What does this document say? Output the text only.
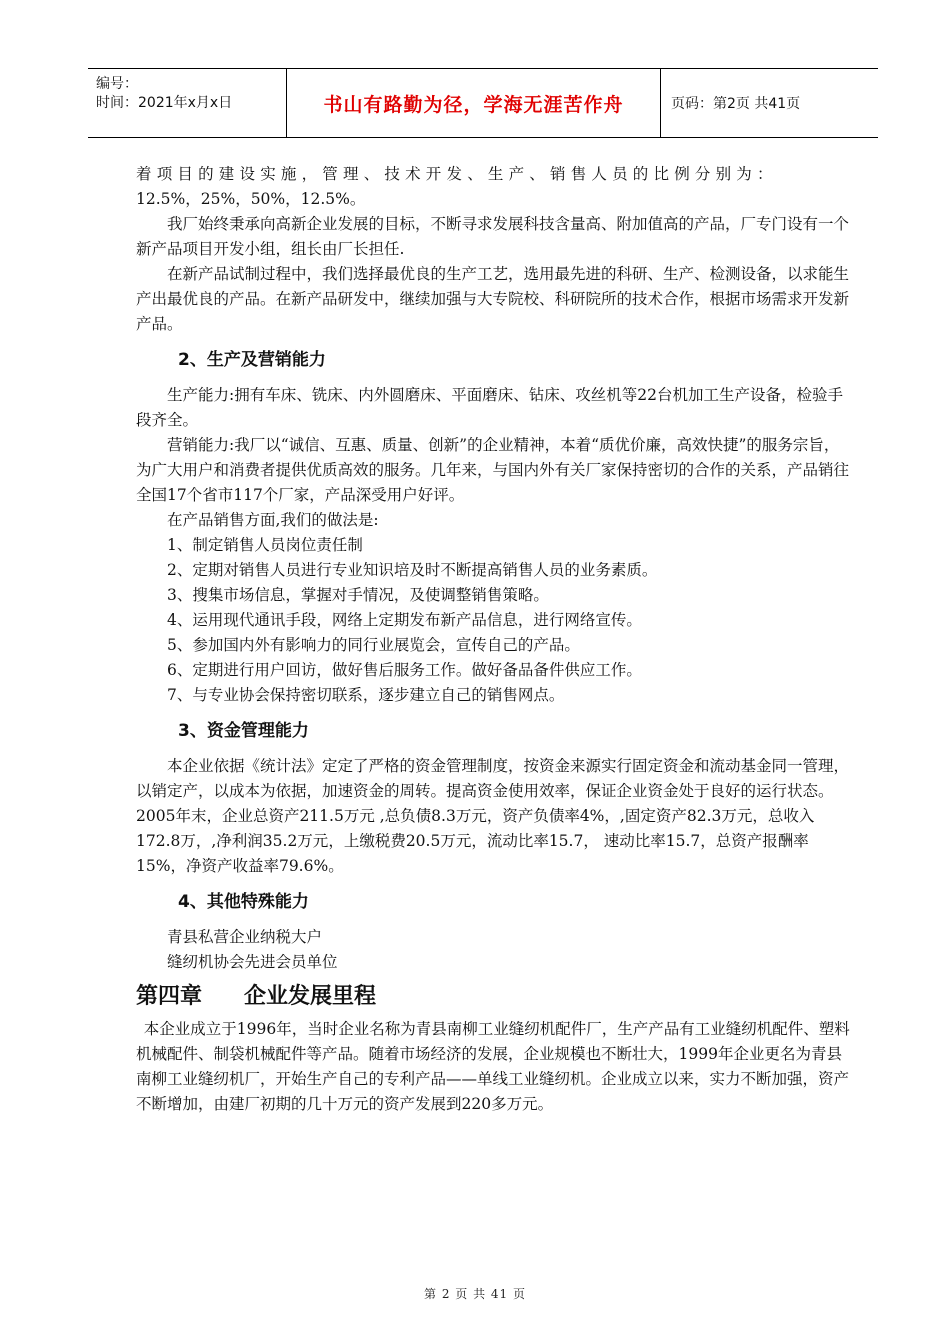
编号：
时间：2021年x月x日	书山有路勤为径，学海无涯苦作舟	页码：第2页 共41页

着项目的建设实施，管理、技术开发、生产、销售人员的比例分别为：

12.5%，25%，50%，12.5%。

我厂始终秉承向高新企业发展的目标，不断寻求发展科技含量高、附加值高的产品，厂专门设有一个新产品项目开发小组，组长由厂长担任.

在新产品试制过程中，我们选择最优良的生产工艺，选用最先进的科研、生产、检测设备，以求能生产出最优良的产品。在新产品研发中，继续加强与大专院校、科研院所的技术合作，根据市场需求开发新产品。

2、生产及营销能力

生产能力:拥有车床、铣床、内外圆磨床、平面磨床、钻床、攻丝机等22台机加工生产设备，检验手段齐全。

营销能力:我厂以“诚信、互惠、质量、创新”的企业精神，本着“质优价廉，高效快捷”的服务宗旨，为广大用户和消费者提供优质高效的服务。几年来，与国内外有关厂家保持密切的合作的关系，产品销往全国17个省市117个厂家，产品深受用户好评。

在产品销售方面,我们的做法是:

1、制定销售人员岗位责任制

2、定期对销售人员进行专业知识培及时不断提高销售人员的业务素质。

3、搜集市场信息，掌握对手情况，及使调整销售策略。

4、运用现代通讯手段，网络上定期发布新产品信息，进行网络宣传。

5、参加国内外有影响力的同行业展览会，宣传自己的产品。

6、定期进行用户回访，做好售后服务工作。做好备品备件供应工作。

7、与专业协会保持密切联系，逐步建立自己的销售网点。

3、资金管理能力

本企业依据《统计法》定定了严格的资金管理制度，按资金来源实行固定资金和流动基金同一管理，以销定产，以成本为依据，加速资金的周转。提高资金使用效率，保证企业资金处于良好的运行状态。2005年末，企业总资产211.5万元 ,总负债8.3万元，资产负债率4%，,固定资产82.3万元，总收入172.8万，,净利润35.2万元，上缴税费20.5万元，流动比率15.7， 速动比率15.7，总资产报酬率15%，净资产收益率79.6%。

4、其他特殊能力

青县私营企业纳税大户

缝纫机协会先进会员单位

第四章 企业发展里程

本企业成立于1996年，当时企业名称为青县南柳工业缝纫机配件厂，生产产品有工业缝纫机配件、塑料机械配件、制袋机械配件等产品。随着市场经济的发展，企业规模也不断壮大，1999年企业更名为青县南柳工业缝纫机厂，开始生产自己的专利产品——单线工业缝纫机。企业成立以来，实力不断加强，资产不断增加，由建厂初期的几十万元的资产发展到220多万元。

第 2 页 共 41 页
